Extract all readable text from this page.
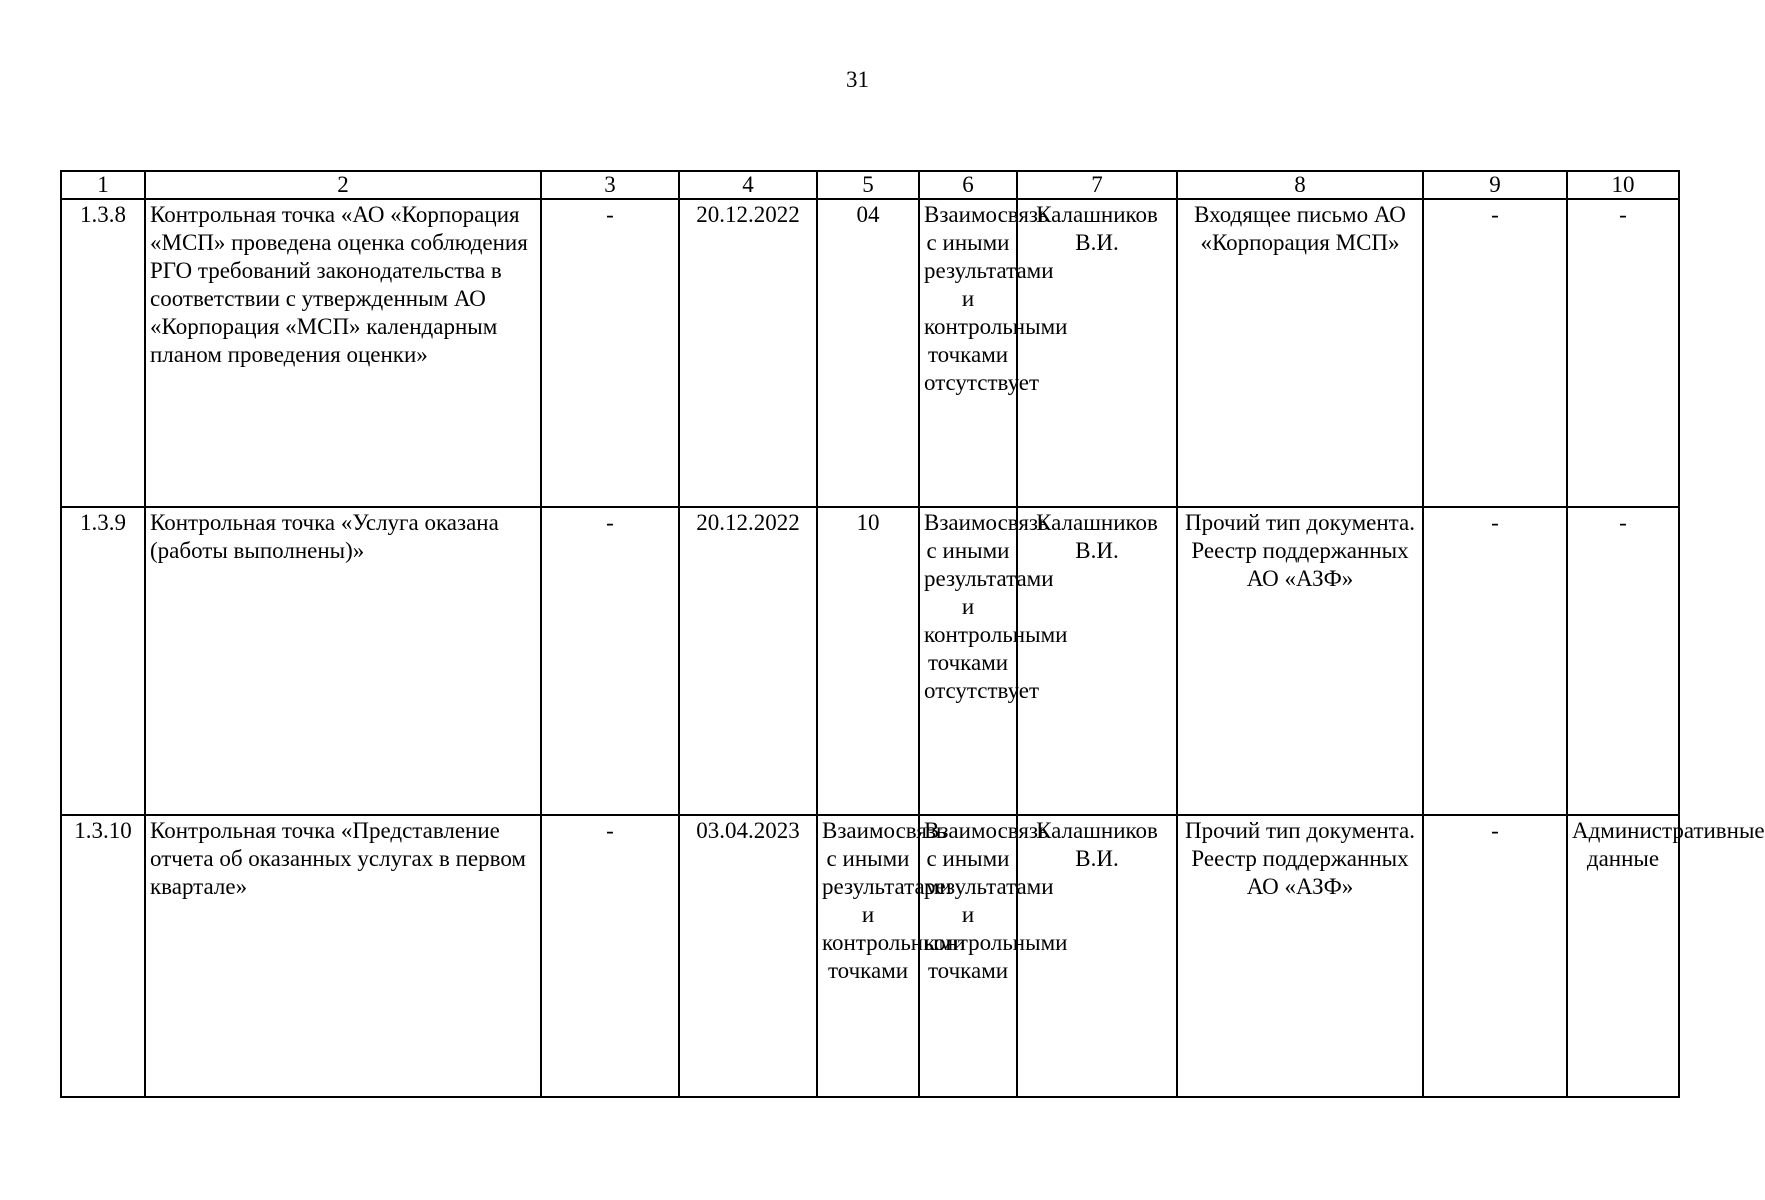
31
1	2	3	4	5	6	7	8	9	10
1.3.8	Контрольная точка «АО «Корпорация «МСП» проведена оценка соблюдения РГО требований законодательства в соответствии с утвержденным АО «Корпорация «МСП» календарным планом проведения оценки»	-	20.12.2022	04	Взаимосвязь с иными результатами и контрольными точками отсутствует	Калашников В.И.	Входящее письмо АО «Корпорация МСП»	-	-
1.3.9	Контрольная точка «Услуга оказана (работы выполнены)»	-	20.12.2022	10	Взаимосвязь с иными результатами и контрольными точками отсутствует	Калашников В.И.	Прочий тип документа. Реестр поддержанных АО «АЗФ»	-	-
1.3.10	Контрольная точка «Представление отчета об оказанных услугах в первом квартале»	-	03.04.2023	Взаимосвязь с иными результатами и контрольными точками	Взаимосвязь с иными результатами и контрольными точками	Калашников В.И.	Прочий тип документа. Реестр поддержанных АО «АЗФ»	-	Административные данные
